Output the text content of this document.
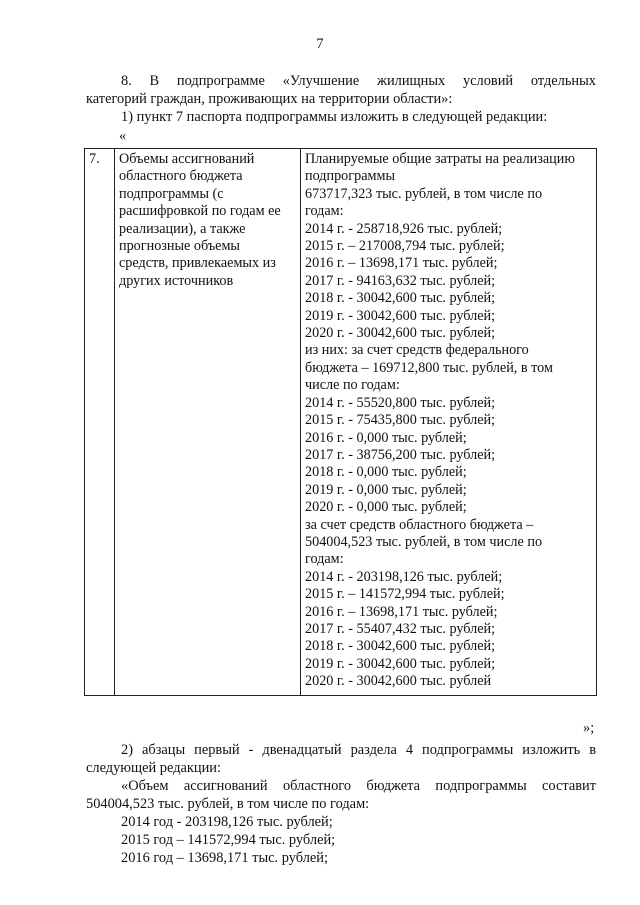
7
8. В подпрограмме «Улучшение жилищных условий отдельных
категорий граждан, проживающих на территории области»:
1) пункт 7 паспорта подпрограммы изложить в следующей редакции:
«
7.	Объемы ассигнований
областного бюджета
подпрограммы (с
расшифровкой по годам ее
реализации), а также
прогнозные объемы
средств, привлекаемых из
других источников

Планируемые общие затраты на реализацию
подпрограммы
673717,323 тыс. рублей, в том числе по
годам:
2014 г. - 258718,926 тыс. рублей;
2015 г. – 217008,794 тыс. рублей;
2016 г. – 13698,171 тыс. рублей;
2017 г. - 94163,632 тыс. рублей;
2018 г. - 30042,600 тыс. рублей;
2019 г. - 30042,600 тыс. рублей;
2020 г. - 30042,600 тыс. рублей;
из них: за счет средств федерального
бюджета – 169712,800 тыс. рублей, в том
числе по годам:
2014 г. - 55520,800 тыс. рублей;
2015 г. - 75435,800 тыс. рублей;
2016 г. - 0,000 тыс. рублей;
2017 г. - 38756,200 тыс. рублей;
2018 г. - 0,000 тыс. рублей;
2019 г. - 0,000 тыс. рублей;
2020 г. - 0,000 тыс. рублей;
за счет средств областного бюджета –
504004,523 тыс. рублей, в том числе по
годам:
2014 г. - 203198,126 тыс. рублей;
2015 г. – 141572,994 тыс. рублей;
2016 г. – 13698,171 тыс. рублей;
2017 г. - 55407,432 тыс. рублей;
2018 г. - 30042,600 тыс. рублей;
2019 г. - 30042,600 тыс. рублей;
2020 г. - 30042,600 тыс. рублей
»;
2) абзацы первый - двенадцатый раздела 4 подпрограммы изложить в
следующей редакции:
«Объем ассигнований областного бюджета подпрограммы составит
504004,523 тыс. рублей, в том числе по годам:
2014 год - 203198,126 тыс. рублей;
2015 год – 141572,994 тыс. рублей;
2016 год – 13698,171 тыс. рублей;
